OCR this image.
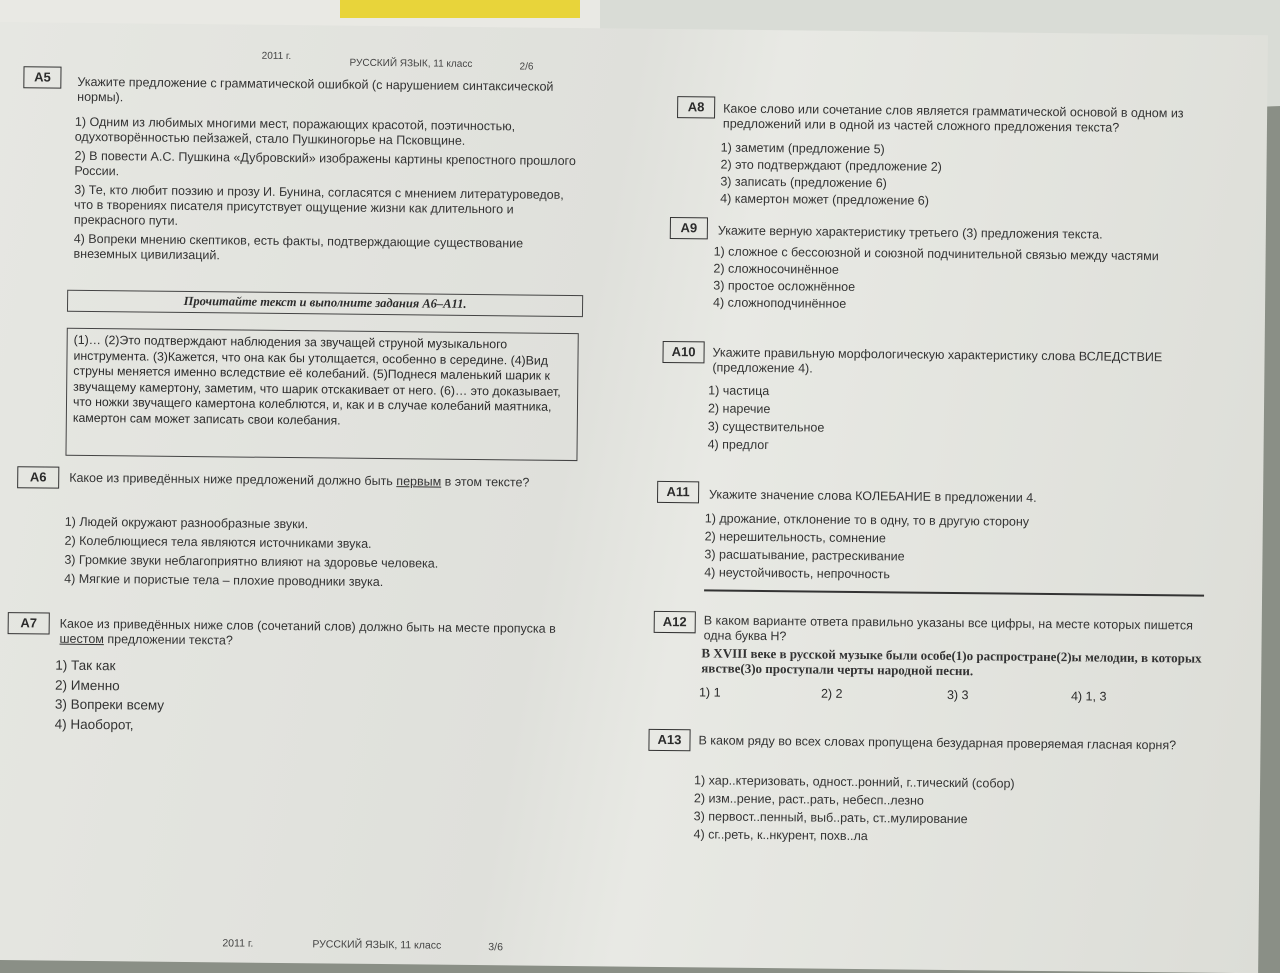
2011 г.
РУССКИЙ ЯЗЫК, 11 класс	2/6
A5	Укажите предложение с грамматической ошибкой (с нарушением синтаксической нормы).
1) Одним из любимых многими мест, поражающих красотой, поэтичностью, одухотворённостью пейзажей, стало Пушкиногорье на Псковщине.
2) В повести А.С. Пушкина «Дубровский» изображены картины крепостного прошлого России.
3) Те, кто любит поэзию и прозу И. Бунина, согласятся с мнением литературоведов, что в творениях писателя присутствует ощущение жизни как длительного и прекрасного пути.
4) Вопреки мнению скептиков, есть факты, подтверждающие существование внеземных цивилизаций.
Прочитайте текст и выполните задания А6–А11.
(1)… (2)Это подтверждают наблюдения за звучащей струной музыкального инструмента. (3)Кажется, что она как бы утолщается, особенно в середине. (4)Вид струны меняется именно вследствие её колебаний. (5)Поднеся маленький шарик к звучащему камертону, заметим, что шарик отскакивает от него. (6)… это доказывает, что ножки звучащего камертона колеблются, и, как и в случае колебаний маятника, камертон сам может записать свои колебания.
A6	Какое из приведённых ниже предложений должно быть первым в этом тексте?
1) Людей окружают разнообразные звуки.
2) Колеблющиеся тела являются источниками звука.
3) Громкие звуки неблагоприятно влияют на здоровье человека.
4) Мягкие и пористые тела – плохие проводники звука.
A7	Какое из приведённых ниже слов (сочетаний слов) должно быть на месте пропуска в шестом предложении текста?
1) Так как
2) Именно
3) Вопреки всему
4) Наоборот,
2011 г.	РУССКИЙ ЯЗЫК, 11 класс	3/6
A8	Какое слово или сочетание слов является грамматической основой в одном из предложений или в одной из частей сложного предложения текста?
1) заметим (предложение 5)
2) это подтверждают (предложение 2)
3) записать (предложение 6)
4) камертон может (предложение 6)
A9	Укажите верную характеристику третьего (3) предложения текста.
1) сложное с бессоюзной и союзной подчинительной связью между частями
2) сложносочинённое
3) простое осложнённое
4) сложноподчинённое
A10	Укажите правильную морфологическую характеристику слова ВСЛЕДСТВИЕ (предложение 4).
1) частица
2) наречие
3) существительное
4) предлог
A11	Укажите значение слова КОЛЕБАНИЕ в предложении 4.
1) дрожание, отклонение то в одну, то в другую сторону
2) нерешительность, сомнение
3) расшатывание, растрескивание
4) неустойчивость, непрочность
A12	В каком варианте ответа правильно указаны все цифры, на месте которых пишется одна буква Н?
В XVIII веке в русской музыке были особе(1)о распростране(2)ы мелодии, в которых явстве(3)о проступали черты народной песни.
1) 1	2) 2	3) 3	4) 1, 3
A13	В каком ряду во всех словах пропущена безударная проверяемая гласная корня?
1) хар..ктеризовать, одност..ронний, г..тический (собор)
2) изм..рение, раст..рать, небесп..лезно
3) первост..пенный, выб..рать, ст..мулирование
4) сг..реть, к..нкурент, похв..ла
